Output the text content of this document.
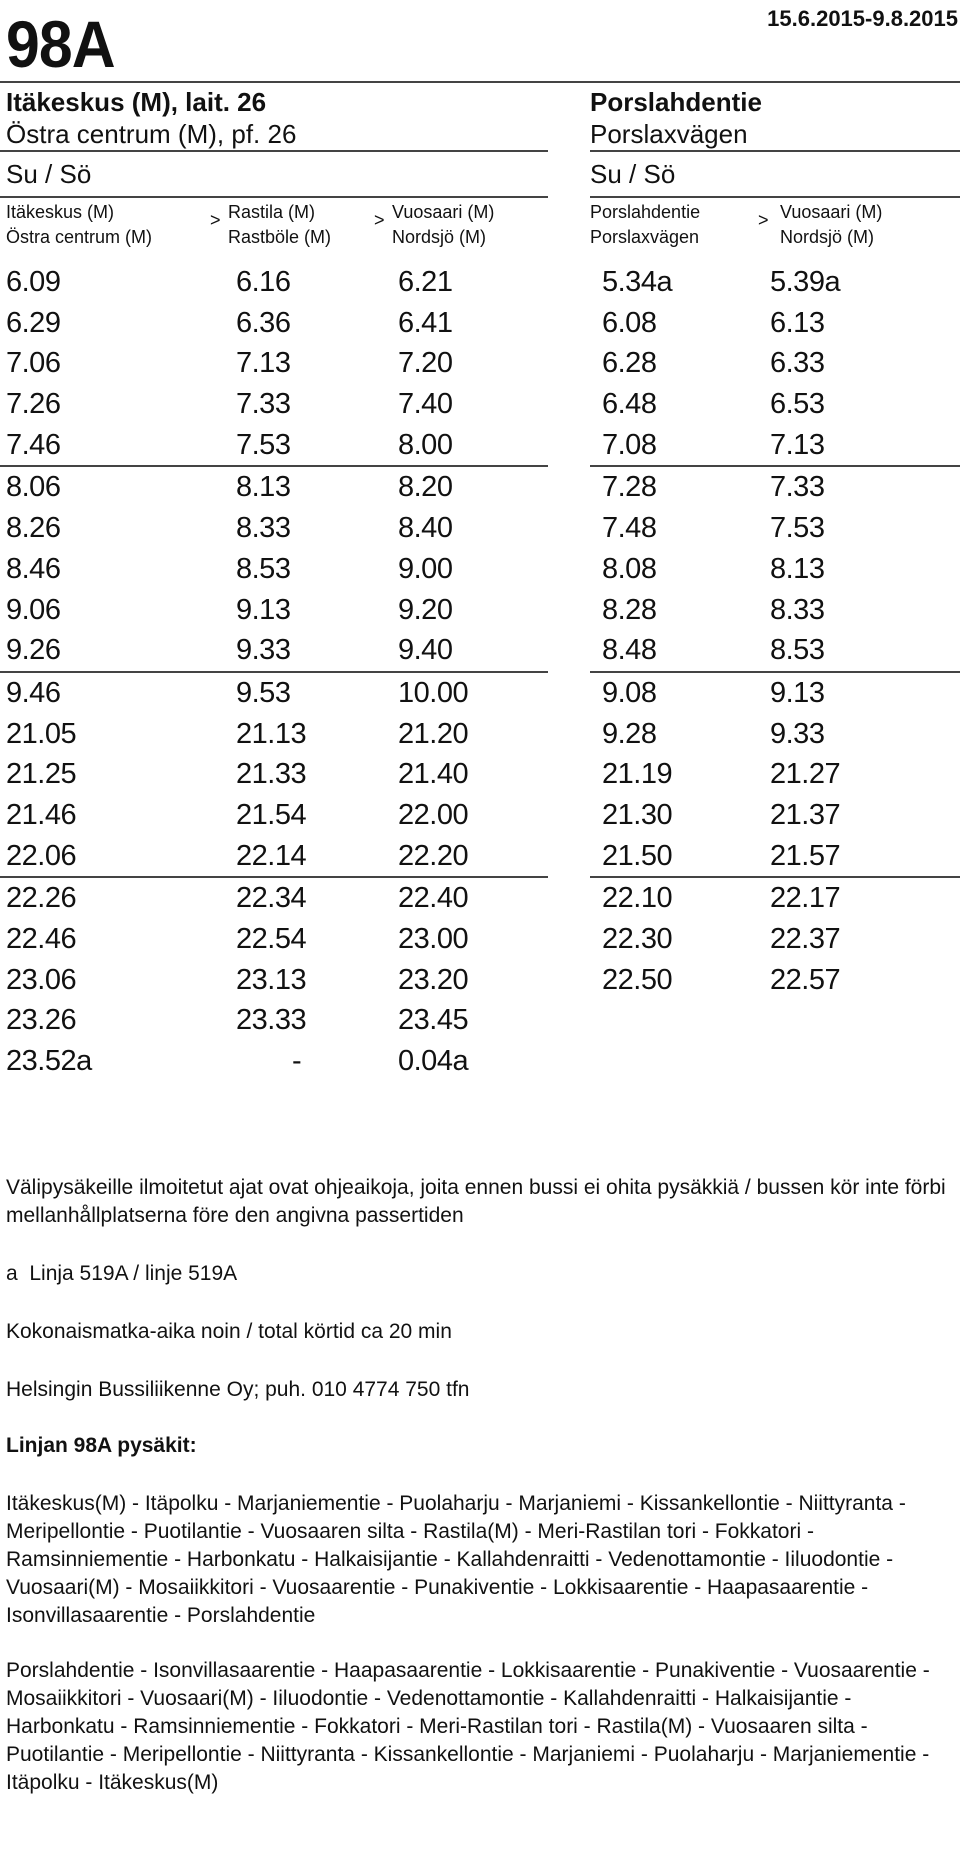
98A	15.6.2015-9.8.2015
Itäkeskus (M), lait. 26
Östra centrum (M), pf. 26
Su / Sö
Itäkeskus (M)
Östra centrum (M)
> Rastila (M)
Rastböle (M)
> Vuosaari (M)
Nordsjö (M)
6.09	6.16	6.21
6.29	6.36	6.41
7.06	7.13	7.20
7.26	7.33	7.40
7.46	7.53	8.00
8.06	8.13	8.20
8.26	8.33	8.40
8.46	8.53	9.00
9.06	9.13	9.20
9.26	9.33	9.40
9.46	9.53	10.00
21.05	21.13	21.20
21.25	21.33	21.40
21.46	21.54	22.00
22.06	22.14	22.20
22.26	22.34	22.40
22.46	22.54	23.00
23.06	23.13	23.20
23.26	23.33	23.45
23.52a	-	0.04a
Porslahdentie
Porslaxvägen
Su / Sö
Porslahdentie
Porslaxvägen
> Vuosaari (M)
Nordsjö (M)
5.34a	5.39a
6.08	6.13
6.28	6.33
6.48	6.53
7.08	7.13
7.28	7.33
7.48	7.53
8.08	8.13
8.28	8.33
8.48	8.53
9.08	9.13
9.28	9.33
21.19	21.27
21.30	21.37
21.50	21.57
22.10	22.17
22.30	22.37
22.50	22.57

Välipysäkeille ilmoitetut ajat ovat ohjeaikoja, joita ennen bussi ei ohita pysäkkiä / bussen kör inte förbi mellanhållplatserna före den angivna passertiden

a  Linja 519A / linje 519A

Kokonaismatka-aika noin / total körtid ca 20 min

Helsingin Bussiliikenne Oy; puh. 010 4774 750 tfn

Linjan 98A pysäkit:

Itäkeskus(M) - Itäpolku - Marjaniementie - Puolaharju - Marjaniemi - Kissankellontie - Niittyranta - Meripellontie - Puotilantie - Vuosaaren silta - Rastila(M) - Meri-Rastilan tori - Fokkatori - Ramsinniementie - Harbonkatu - Halkaisijantie - Kallahdenraitti - Vedenottamontie - Iiluodontie - Vuosaari(M) - Mosaiikkitori - Vuosaarentie - Punakiventie - Lokkisaarentie - Haapasaarentie - Isonvillasaarentie - Porslahdentie

Porslahdentie - Isonvillasaarentie - Haapasaarentie - Lokkisaarentie - Punakiventie - Vuosaarentie - Mosaiikkitori - Vuosaari(M) - Iiluodontie - Vedenottamontie - Kallahdenraitti - Halkaisijantie - Harbonkatu - Ramsinniementie - Fokkatori - Meri-Rastilan tori - Rastila(M) - Vuosaaren silta - Puotilantie - Meripellontie - Niittyranta - Kissankellontie - Marjaniemi - Puolaharju - Marjaniementie - Itäpolku - Itäkeskus(M)
